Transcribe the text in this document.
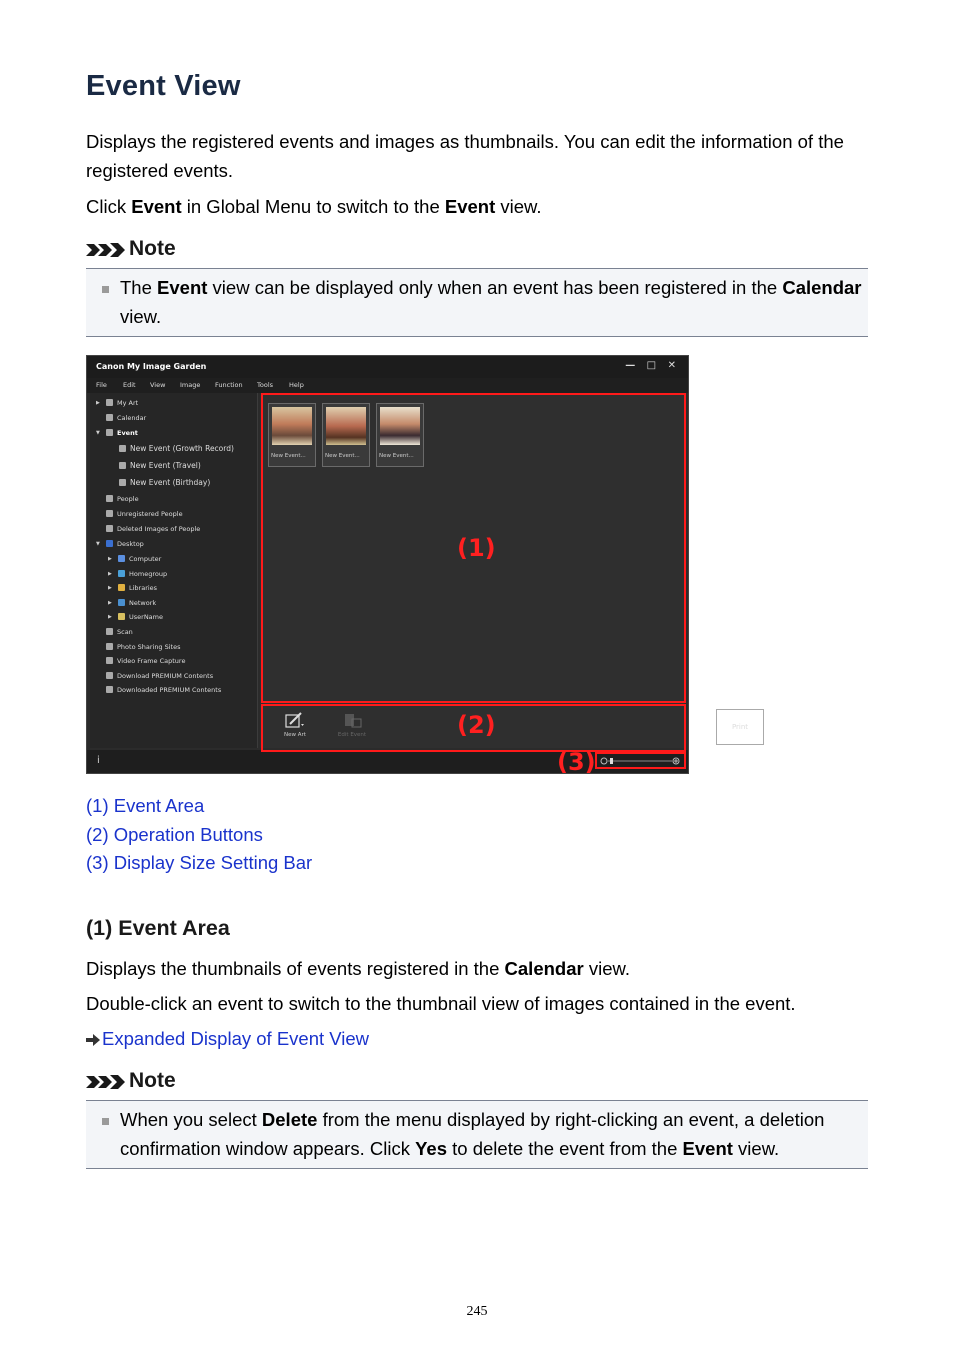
Event View

Displays the registered events and images as thumbnails. You can edit the information of the registered events.

Click Event in Global Menu to switch to the Event view.

Note
The Event view can be displayed only when an event has been registered in the Calendar view.
Canon My Image Garden	— □ ✕
File Edit View Image Function Tools Help
▶	My Art
Calendar
▼	Event
New Event (Growth Record)
New Event (Travel)
New Event (Birthday)
People
Unregistered People
Deleted Images of People
▼	Desktop
▶	Computer
▶	Homegroup
▶	Libraries
▶	Network
▶	UserName
Scan
Photo Sharing Sites
Video Frame Capture
Download PREMIUM Contents
Downloaded PREMIUM Contents
New Event...	New Event...	New Event...
New Art	Edit Event
Print
i
(1)
(2)
(3)
(1) Event Area
(2) Operation Buttons
(3) Display Size Setting Bar
(1) Event Area

Displays the thumbnails of events registered in the Calendar view.

Double-click an event to switch to the thumbnail view of images contained in the event.

Expanded Display of Event View

Note
When you select Delete from the menu displayed by right-clicking an event, a deletion confirmation window appears. Click Yes to delete the event from the Event view.
245
